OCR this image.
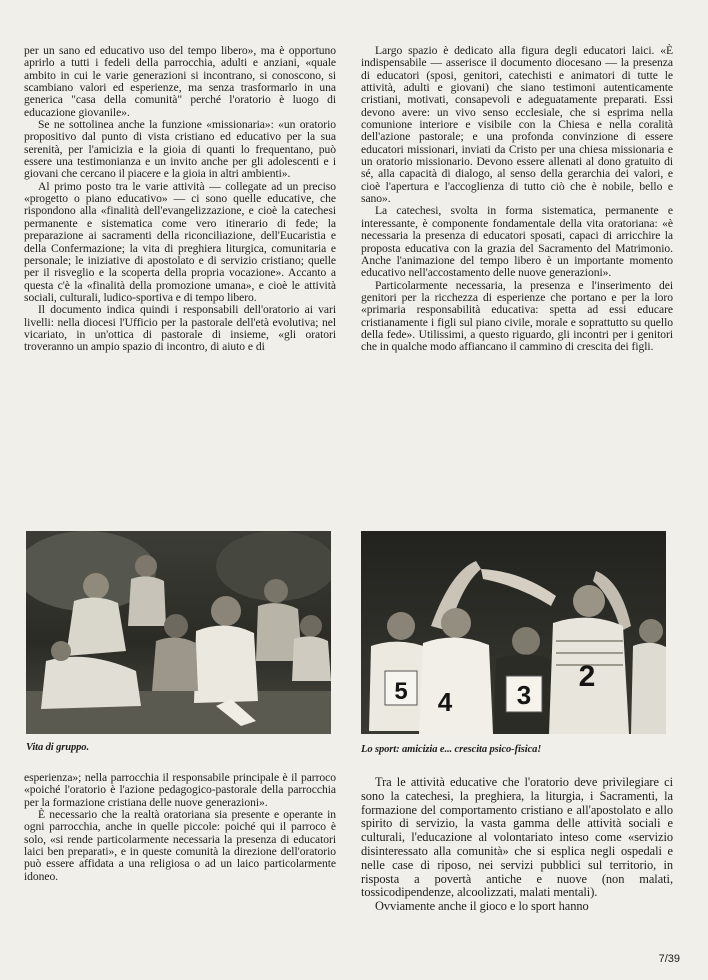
per un sano ed educativo uso del tempo libero», ma è opportuno aprirlo a tutti i fedeli della parrocchia, adulti e anziani, «quale ambito in cui le varie generazioni si incontrano, si conoscono, si scambiano valori ed esperienze, ma senza trasformarlo in una generica "casa della comunità" perché l'oratorio è luogo di educazione giovanile».

Se ne sottolinea anche la funzione «missionaria»: «un oratorio propositivo dal punto di vista cristiano ed educativo per la sua serenità, per l'amicizia e la gioia di quanti lo frequentano, può essere una testimonianza e un invito anche per gli adolescenti e i giovani che cercano il piacere e la gioia in altri ambienti».

Al primo posto tra le varie attività — collegate ad un preciso «progetto o piano educativo» — ci sono quelle educative, che rispondono alla «finalità dell'evangelizzazione, e cioè la catechesi permanente e sistematica come vero itinerario di fede; la preparazione ai sacramenti della riconciliazione, dell'Eucaristia e della Confermazione; la vita di preghiera liturgica, comunitaria e personale; le iniziative di apostolato e di servizio cristiano; quelle per il risveglio e la scoperta della propria vocazione». Accanto a questa c'è la «finalità della promozione umana», e cioè le attività sociali, culturali, ludico-sportiva e di tempo libero.

Il documento indica quindi i responsabili dell'oratorio ai vari livelli: nella diocesi l'Ufficio per la pastorale dell'età evolutiva; nel vicariato, in un'ottica di pastorale di insieme, «gli oratori troveranno un ampio spazio di incontro, di aiuto e di

Largo spazio è dedicato alla figura degli educatori laici. «È indispensabile — asserisce il documento diocesano — la presenza di educatori (sposi, genitori, catechisti e animatori di tutte le attività, adulti e giovani) che siano testimoni autenticamente cristiani, motivati, consapevoli e adeguatamente preparati. Essi devono avere: un vivo senso ecclesiale, che si esprima nella comunione interiore e visibile con la Chiesa e nella coralità dell'azione pastorale; e una profonda convinzione di essere educatori missionari, inviati da Cristo per una chiesa missionaria e un oratorio missionario. Devono essere allenati al dono gratuito di sé, alla capacità di dialogo, al senso della gerarchia dei valori, e cioè l'apertura e l'accoglienza di tutto ciò che è nobile, bello e sano».

La catechesi, svolta in forma sistematica, permanente e interessante, è componente fondamentale della vita oratoriana: «è necessaria la presenza di educatori sposati, capaci di arricchire la proposta educativa con la grazia del Sacramento del Matrimonio. Anche l'animazione del tempo libero è un importante momento educativo nell'accostamento delle nuove generazioni».

Particolarmente necessaria, la presenza e l'inserimento dei genitori per la ricchezza di esperienze che portano e per la loro «primaria responsabilità educativa: spetta ad essi educare cristianamente i figli sul piano civile, morale e soprattutto su quello della fede». Utilissimi, a questo riguardo, gli incontri per i genitori che in qualche modo affiancano il cammino di crescita dei figli.

Vita di gruppo.
5 4 3
2
Lo sport: amicizia e... crescita psico-fisica!

esperienza»; nella parrocchia il responsabile principale è il parroco «poiché l'oratorio è l'azione pedagogico-pastorale della parrocchia per la formazione cristiana delle nuove generazioni».

È necessario che la realtà oratoriana sia presente e operante in ogni parrocchia, anche in quelle piccole: poiché qui il parroco è solo, «si rende particolarmente necessaria la presenza di educatori laici ben preparati», e in queste comunità la direzione dell'oratorio può essere affidata a una religiosa o ad un laico particolarmente idoneo.

Tra le attività educative che l'oratorio deve privilegiare ci sono la catechesi, la preghiera, la liturgia, i Sacramenti, la formazione del comportamento cristiano e all'apostolato e allo spirito di servizio, la vasta gamma delle attività sociali e culturali, l'educazione al volontariato inteso come «servizio disinteressato alla comunità» che si esplica negli ospedali e nelle case di riposo, nei servizi pubblici sul territorio, in risposta a povertà antiche e nuove (non malati, tossicodipendenze, alcoolizzati, malati mentali).

Ovviamente anche il gioco e lo sport hanno

7/39
